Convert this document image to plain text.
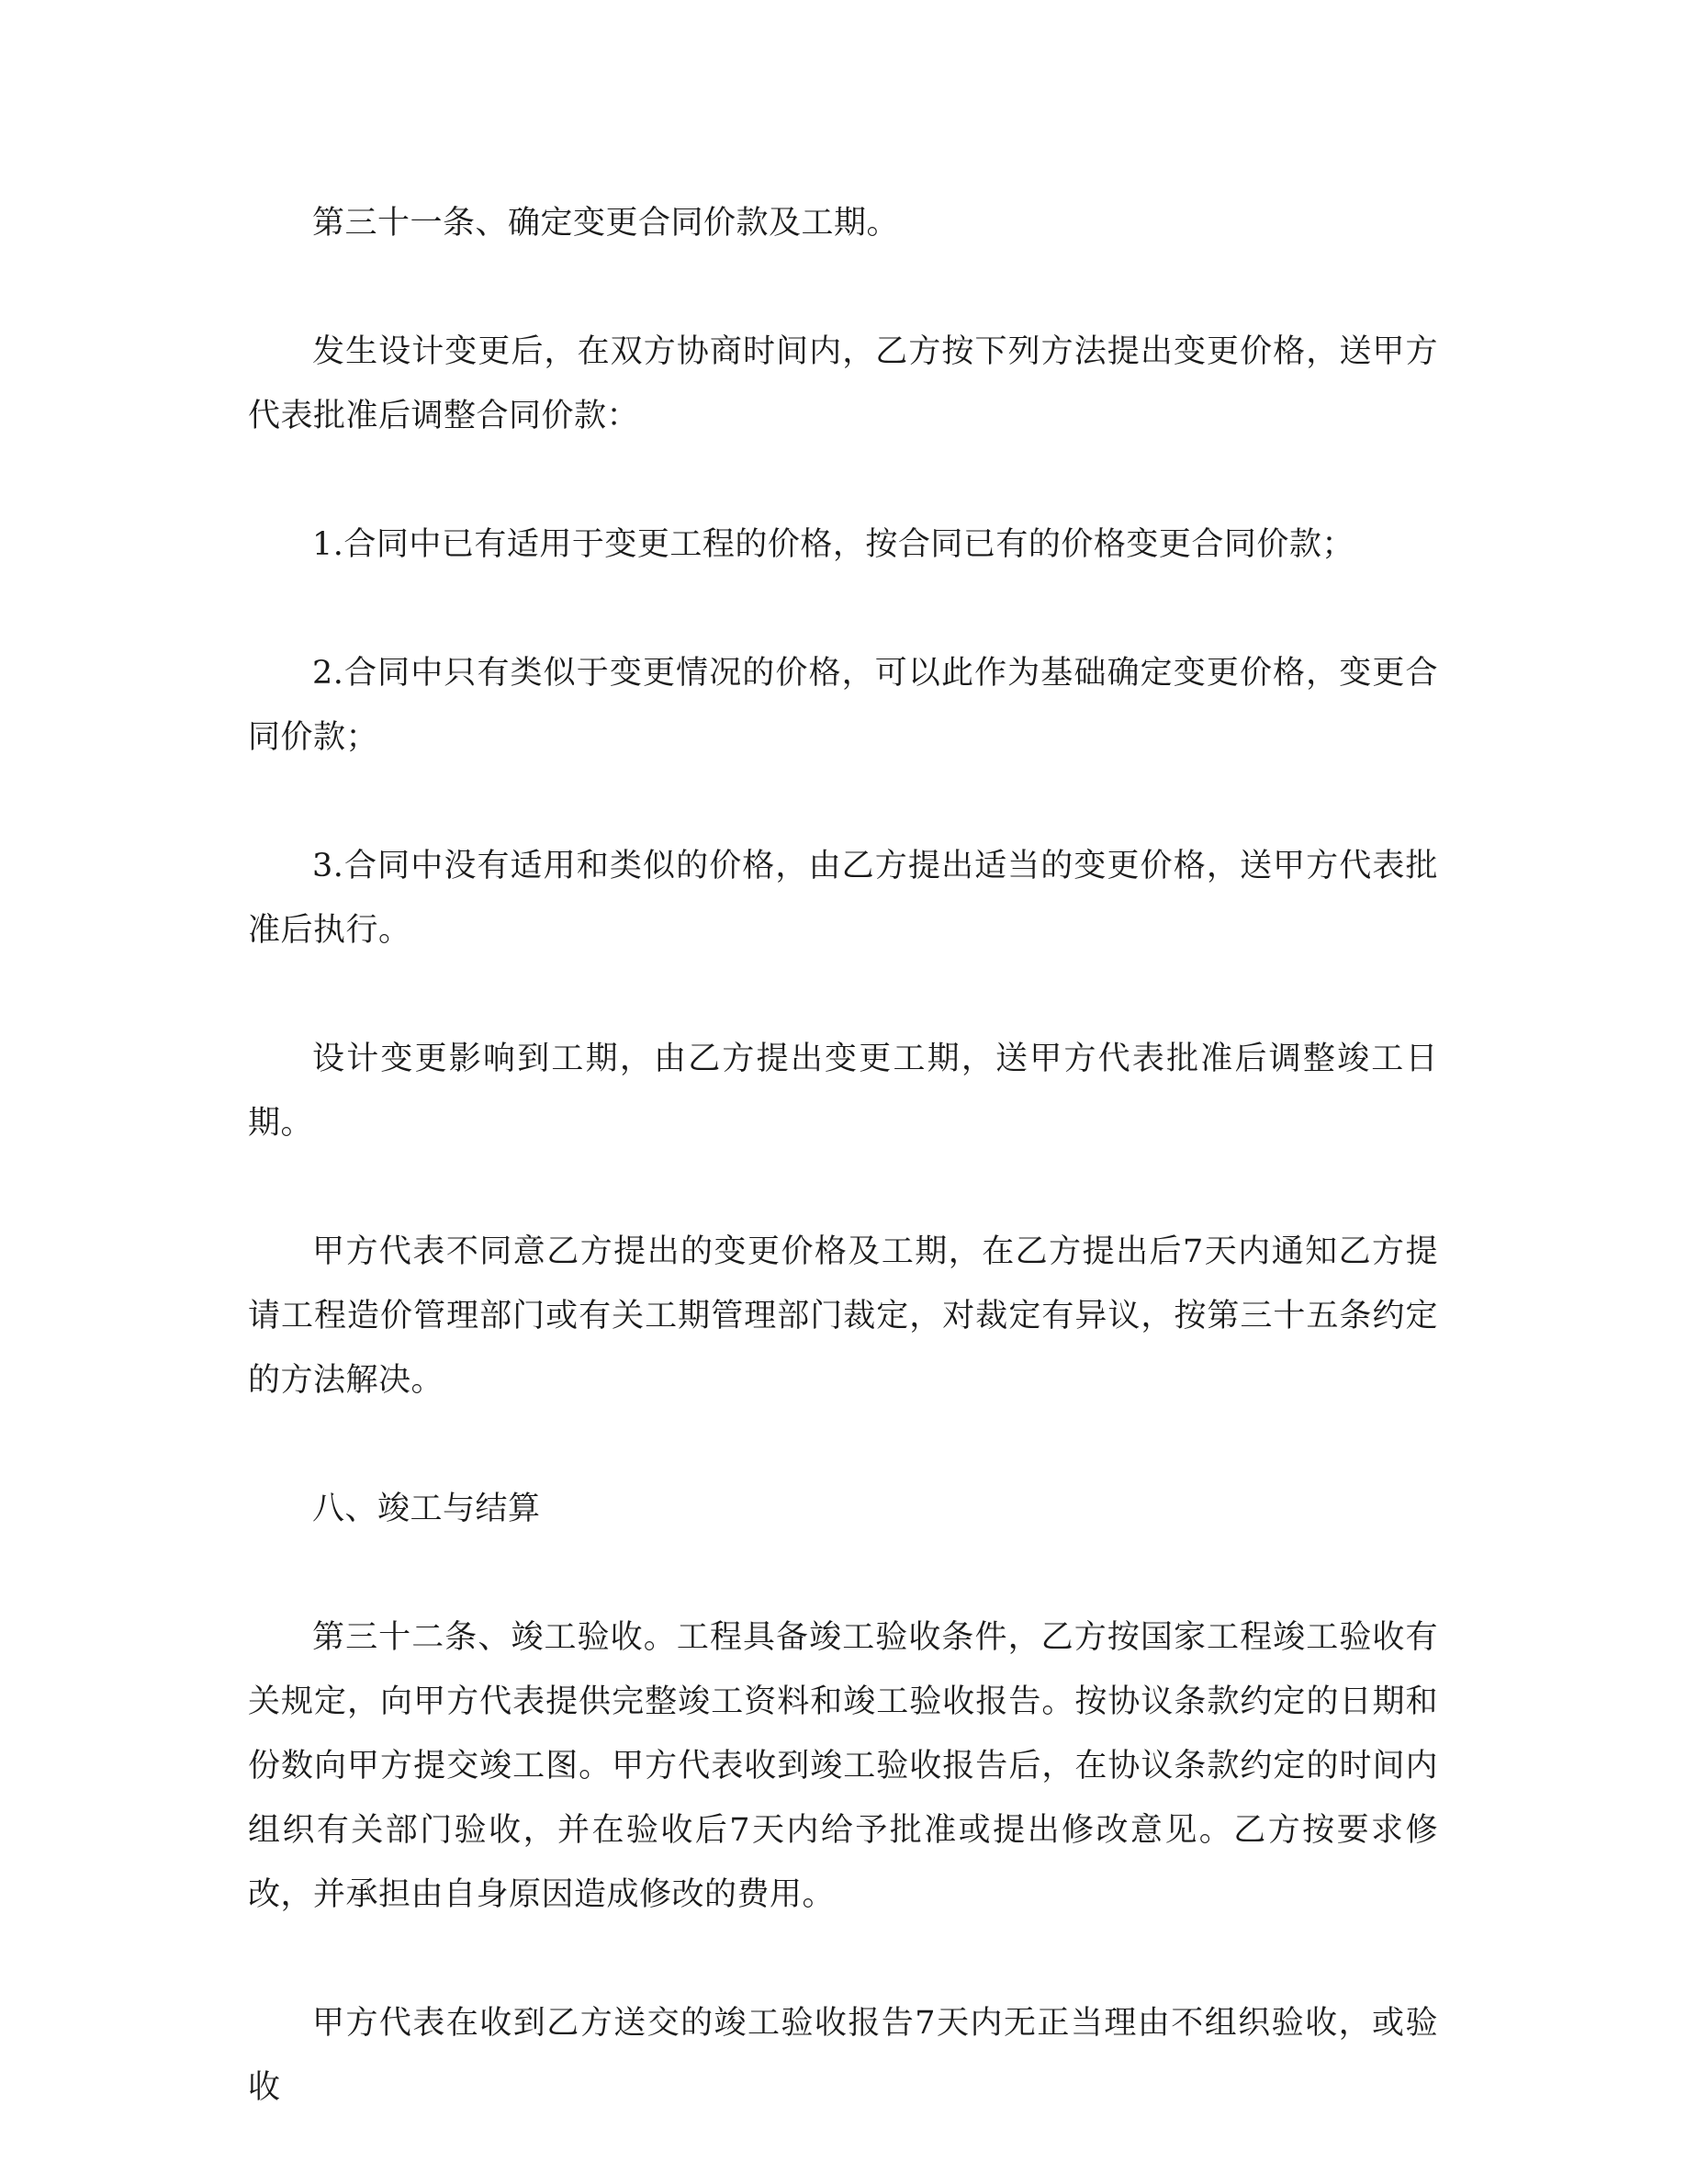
第三十一条、确定变更合同价款及工期。

发生设计变更后，在双方协商时间内，乙方按下列方法提出变更价格，送甲方代表批准后调整合同价款：

1.合同中已有适用于变更工程的价格，按合同已有的价格变更合同价款；

2.合同中只有类似于变更情况的价格，可以此作为基础确定变更价格，变更合同价款；

3.合同中没有适用和类似的价格，由乙方提出适当的变更价格，送甲方代表批准后执行。

设计变更影响到工期，由乙方提出变更工期，送甲方代表批准后调整竣工日期。

甲方代表不同意乙方提出的变更价格及工期，在乙方提出后7天内通知乙方提请工程造价管理部门或有关工期管理部门裁定，对裁定有异议，按第三十五条约定的方法解决。

八、竣工与结算

第三十二条、竣工验收。工程具备竣工验收条件，乙方按国家工程竣工验收有关规定，向甲方代表提供完整竣工资料和竣工验收报告。按协议条款约定的日期和份数向甲方提交竣工图。甲方代表收到竣工验收报告后，在协议条款约定的时间内组织有关部门验收，并在验收后7天内给予批准或提出修改意见。乙方按要求修改，并承担由自身原因造成修改的费用。

甲方代表在收到乙方送交的竣工验收报告7天内无正当理由不组织验收，或验收
